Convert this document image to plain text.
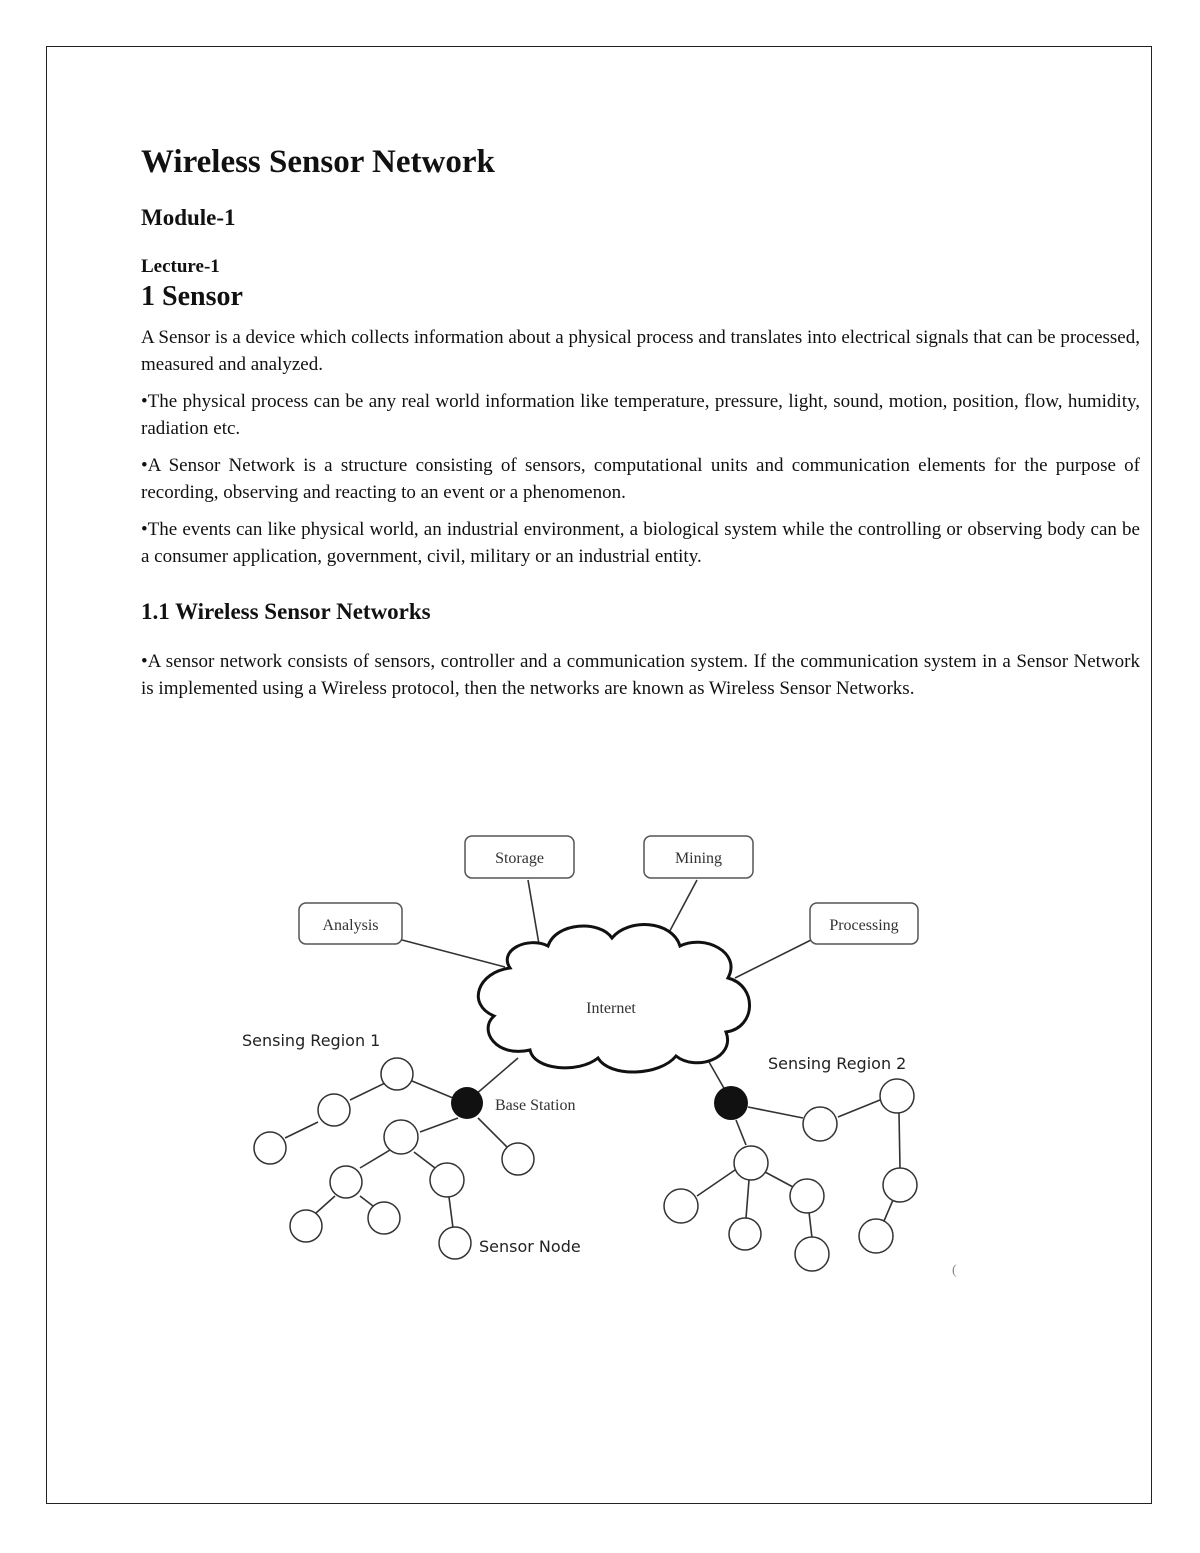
Wireless Sensor Network
Module-1
Lecture-1
1 Sensor

A Sensor is a device which collects information about a physical process and translates into electrical signals that can be processed, measured and analyzed.

•The physical process can be any real world information like temperature, pressure, light, sound, motion, position, flow, humidity, radiation etc.

•A Sensor Network is a structure consisting of sensors, computational units and communication elements for the purpose of recording, observing and reacting to an event or a phenomenon.

•The events can like physical world, an industrial environment, a biological system while the controlling or observing body can be a consumer application, government, civil, military or an industrial entity.

1.1 Wireless Sensor Networks

•A sensor network consists of sensors, controller and a communication system. If the communication system in a Sensor Network is implemented using a Wireless protocol, then the networks are known as Wireless Sensor Networks.

Storage	Mining
Analysis	Processing
Internet
Sensing Region 1
Sensing Region 2
Base Station
Sensor Node
(
